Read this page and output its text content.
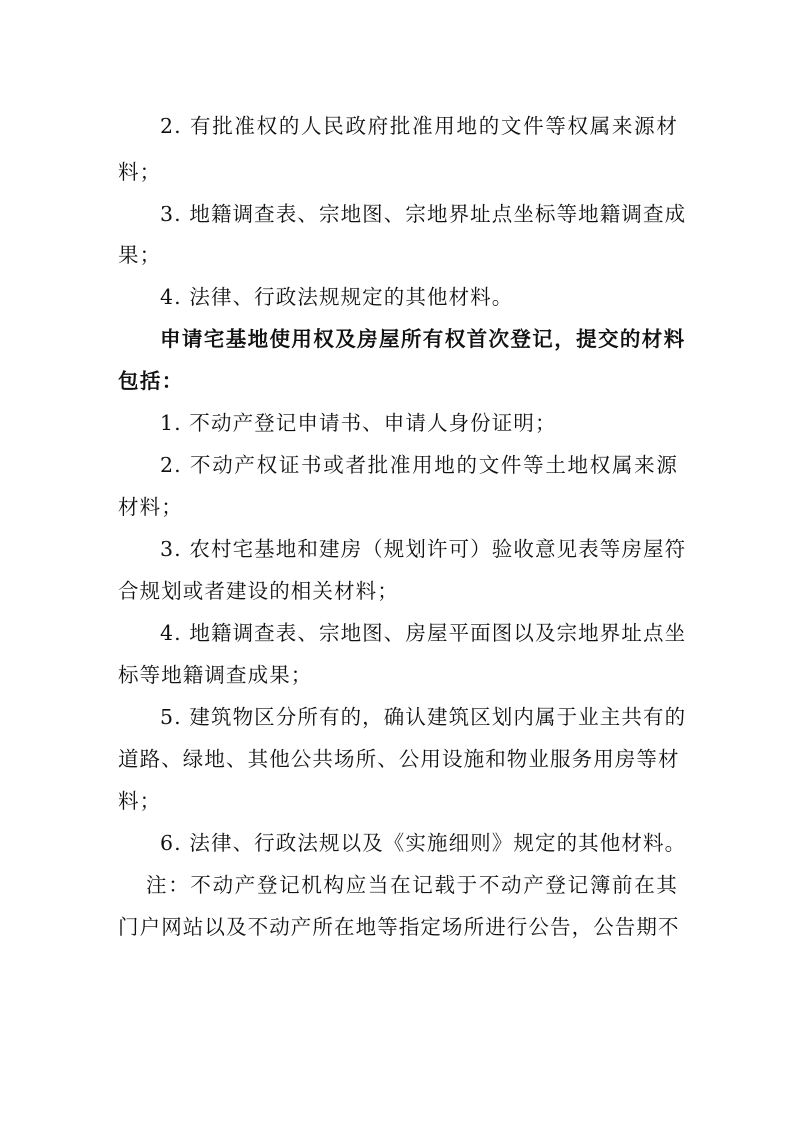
2. 有批准权的人民政府批准用地的文件等权属来源材
料；
3. 地籍调查表、宗地图、宗地界址点坐标等地籍调查成
果；
4. 法律、行政法规规定的其他材料。
申请宅基地使用权及房屋所有权首次登记，提交的材料
包括：
1. 不动产登记申请书、申请人身份证明；
2. 不动产权证书或者批准用地的文件等土地权属来源
材料；
3. 农村宅基地和建房（规划许可）验收意见表等房屋符
合规划或者建设的相关材料；
4. 地籍调查表、宗地图、房屋平面图以及宗地界址点坐
标等地籍调查成果；
5. 建筑物区分所有的，确认建筑区划内属于业主共有的
道路、绿地、其他公共场所、公用设施和物业服务用房等材
料；
6. 法律、行政法规以及《实施细则》规定的其他材料。
注：不动产登记机构应当在记载于不动产登记簿前在其
门户网站以及不动产所在地等指定场所进行公告，公告期不
